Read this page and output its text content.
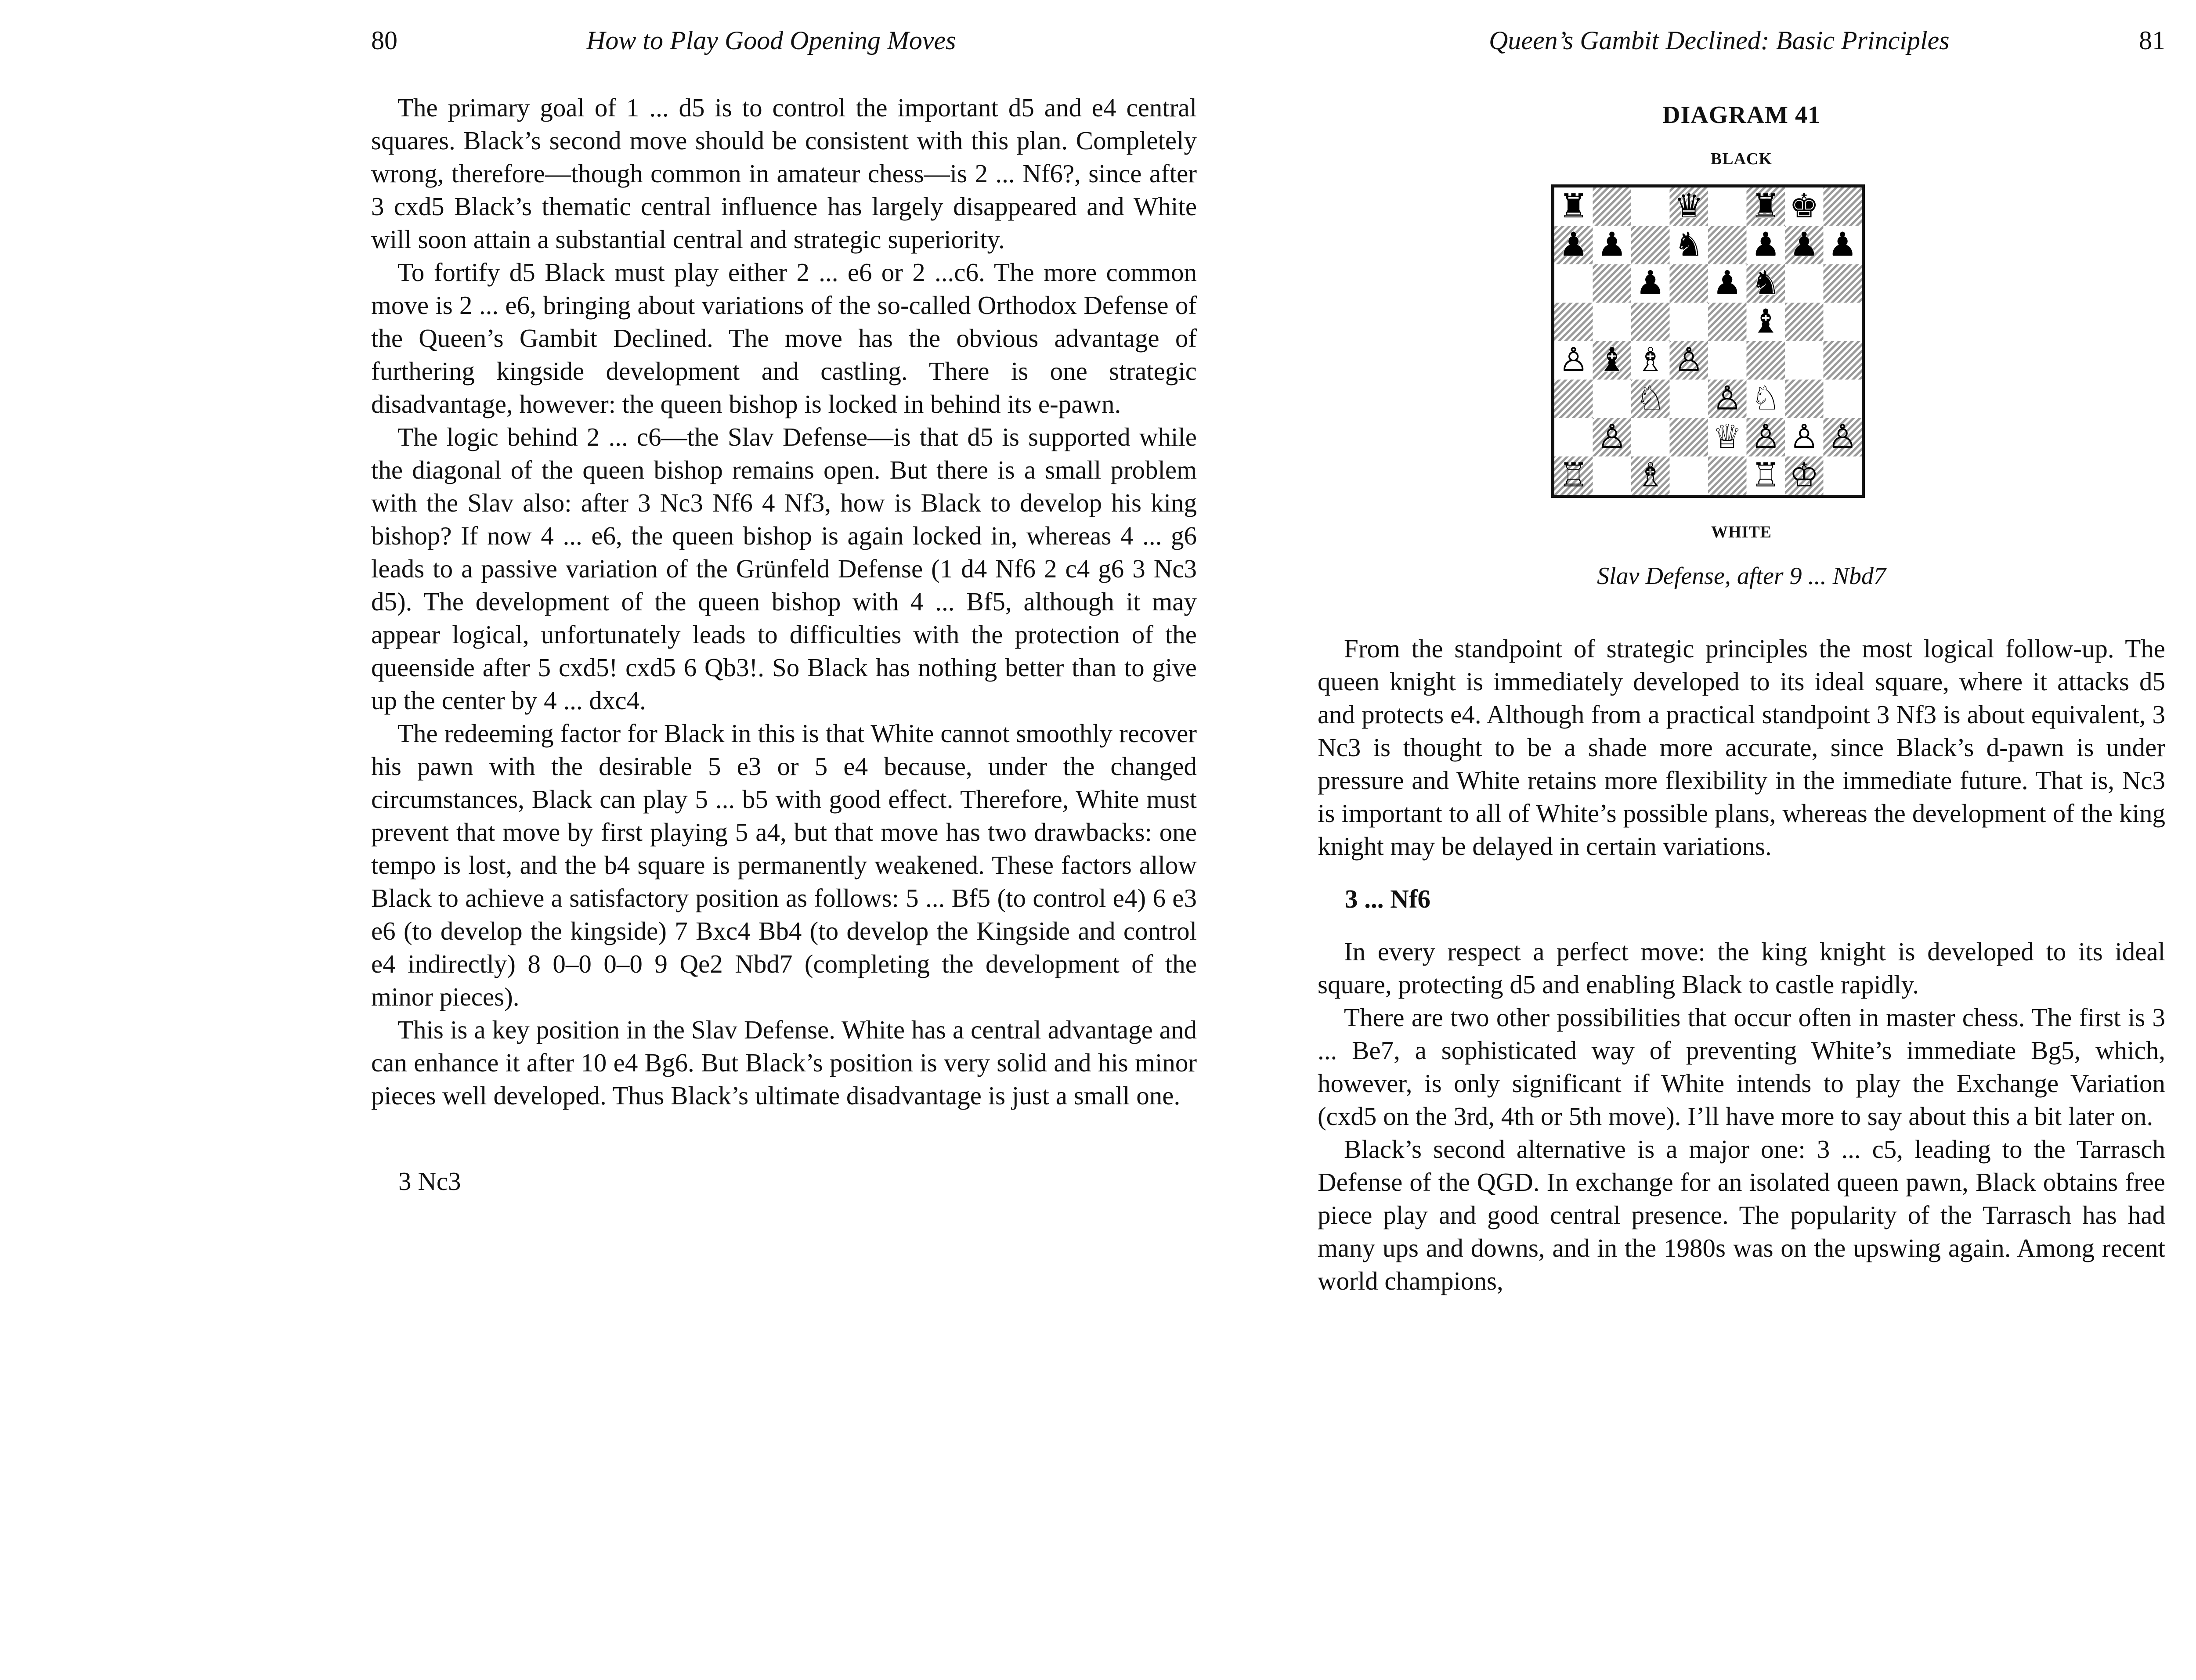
80	How to Play Good Opening Moves

The primary goal of 1 ... d5 is to control the important d5 and e4 central squares. Black’s second move should be consistent with this plan. Completely wrong, therefore—though common in amateur chess—is 2 ... Nf6?, since after 3 cxd5 Black’s thematic central influence has largely disappeared and White will soon attain a substantial central and strategic superiority.

To fortify d5 Black must play either 2 ... e6 or 2 ...c6. The more common move is 2 ... e6, bringing about variations of the so-called Orthodox Defense of the Queen’s Gambit Declined. The move has the obvious advantage of furthering kingside development and castling. There is one strategic disadvantage, however: the queen bishop is locked in behind its e-pawn.

The logic behind 2 ... c6—the Slav Defense—is that d5 is supported while the diagonal of the queen bishop remains open. But there is a small problem with the Slav also: after 3 Nc3 Nf6 4 Nf3, how is Black to develop his king bishop? If now 4 ... e6, the queen bishop is again locked in, whereas 4 ... g6 leads to a passive variation of the Grünfeld Defense (1 d4 Nf6 2 c4 g6 3 Nc3 d5). The development of the queen bishop with 4 ... Bf5, although it may appear logical, unfortunately leads to difficulties with the protection of the queenside after 5 cxd5! cxd5 6 Qb3!. So Black has nothing better than to give up the center by 4 ... dxc4.

The redeeming factor for Black in this is that White cannot smoothly recover his pawn with the desirable 5 e3 or 5 e4 because, under the changed circumstances, Black can play 5 ... b5 with good effect. Therefore, White must prevent that move by first playing 5 a4, but that move has two drawbacks: one tempo is lost, and the b4 square is permanently weakened. These factors allow Black to achieve a satisfactory position as follows: 5 ... Bf5 (to control e4) 6 e3 e6 (to develop the kingside) 7 Bxc4 Bb4 (to develop the Kingside and control e4 indirectly) 8 0–0 0–0 9 Qe2 Nbd7 (completing the development of the minor pieces).

This is a key position in the Slav Defense. White has a central advantage and can enhance it after 10 e4 Bg6. But Black’s position is very solid and his minor pieces well developed. Thus Black’s ultimate disadvantage is just a small one.

3 Nc3

Queen’s Gambit Declined: Basic Principles	81
DIAGRAM 41
BLACK
♜ ♛ ♜ ♚
♟ ♟ ♞ ♟ ♟ ♟
♟ ♟ ♞
♝
♙ ♝ ♗ ♙
♘ ♙ ♘
♙ ♕ ♙ ♙ ♙
♖ ♗ ♖ ♔
WHITE
Slav Defense, after 9 ... Nbd7

From the standpoint of strategic principles the most logical follow-up. The queen knight is immediately developed to its ideal square, where it attacks d5 and protects e4. Although from a practical standpoint 3 Nf3 is about equivalent, 3 Nc3 is thought to be a shade more accurate, since Black’s d-pawn is under pressure and White retains more flexibility in the immediate future. That is, Nc3 is important to all of White’s possible plans, whereas the development of the king knight may be delayed in certain variations.

3 ... Nf6

In every respect a perfect move: the king knight is developed to its ideal square, protecting d5 and enabling Black to castle rapidly.

There are two other possibilities that occur often in master chess. The first is 3 ... Be7, a sophisticated way of preventing White’s immediate Bg5, which, however, is only significant if White intends to play the Exchange Variation (cxd5 on the 3rd, 4th or 5th move). I’ll have more to say about this a bit later on.

Black’s second alternative is a major one: 3 ... c5, leading to the Tarrasch Defense of the QGD. In exchange for an isolated queen pawn, Black obtains free piece play and good central presence. The popularity of the Tarrasch has had many ups and downs, and in the 1980s was on the upswing again. Among recent world champions,
